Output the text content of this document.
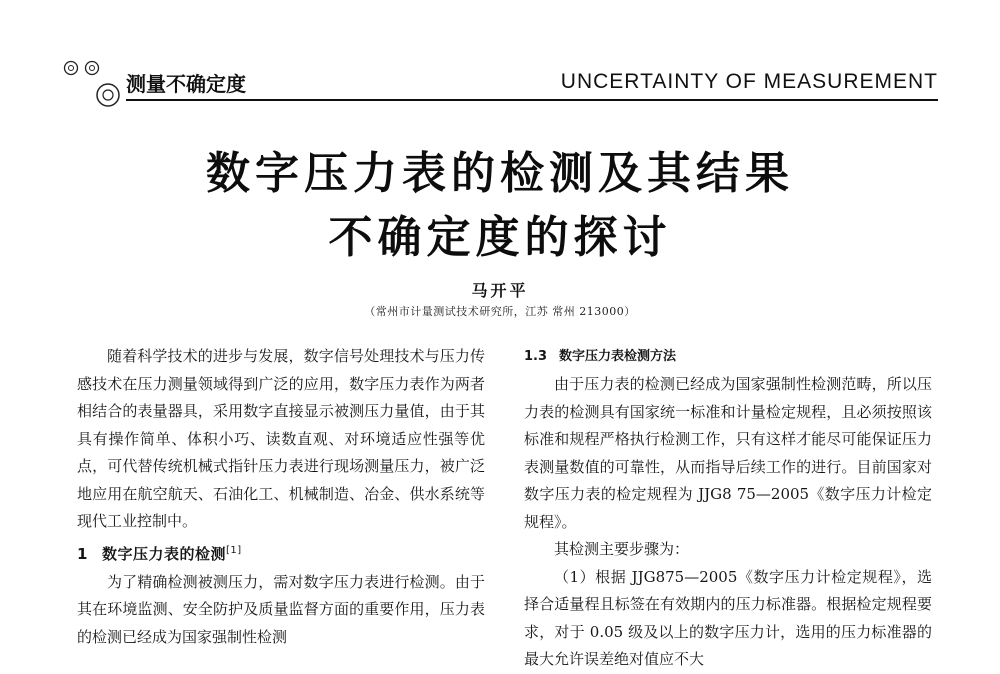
测量不确定度	UNCERTAINTY OF MEASUREMENT
数字压力表的检测及其结果
不确定度的探讨
马开平
（常州市计量测试技术研究所，江苏 常州 213000）

随着科学技术的进步与发展，数字信号处理技术与压力传感技术在压力测量领域得到广泛的应用，数字压力表作为两者相结合的表量器具，采用数字直接显示被测压力量值，由于其具有操作简单、体积小巧、读数直观、对环境适应性强等优点，可代替传统机械式指针压力表进行现场测量压力，被广泛地应用在航空航天、石油化工、机械制造、冶金、供水系统等现代工业控制中。

1 数字压力表的检测[1]

为了精确检测被测压力，需对数字压力表进行检测。由于其在环境监测、安全防护及质量监督方面的重要作用，压力表的检测已经成为国家强制性检测

1.3 数字压力表检测方法

由于压力表的检测已经成为国家强制性检测范畴，所以压力表的检测具有国家统一标准和计量检定规程，且必须按照该标准和规程严格执行检测工作，只有这样才能尽可能保证压力表测量数值的可靠性，从而指导后续工作的进行。目前国家对数字压力表的检定规程为 JJG8 75—2005《数字压力计检定规程》。

其检测主要步骤为：

（1）根据 JJG875—2005《数字压力计检定规程》，选择合适量程且标签在有效期内的压力标准器。根据检定规程要求，对于 0.05 级及以上的数字压力计，选用的压力标准器的最大允许误差绝对值应不大
